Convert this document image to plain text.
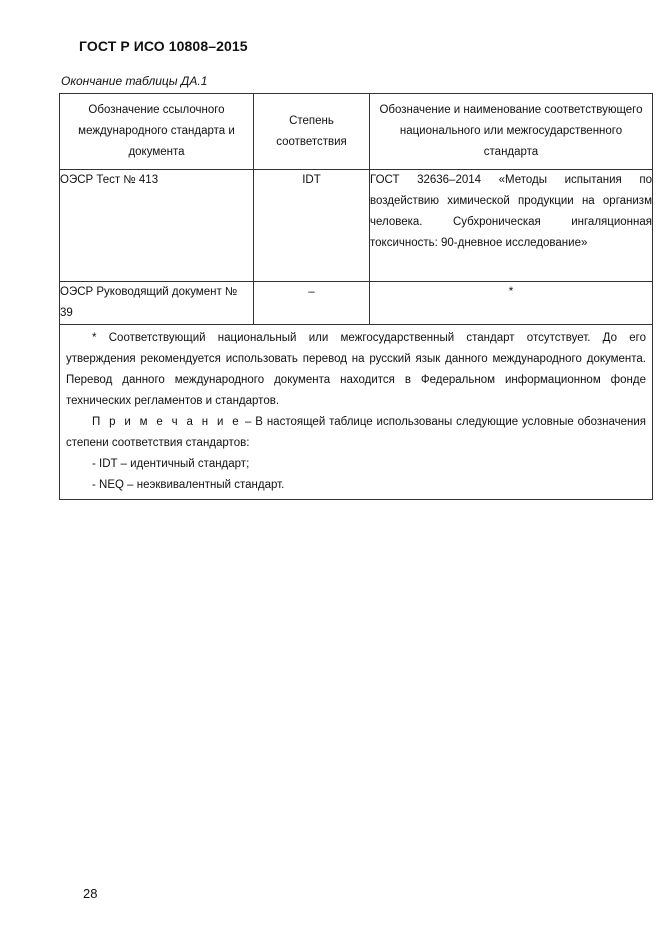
ГОСТ Р ИСО 10808–2015
Окончание таблицы ДА.1
Обозначение ссылочного международного стандарта и документа	Степень соответствия	Обозначение и наименование соответствующего национального или межгосударственного стандарта
ОЭСР Тест № 413	IDT	ГОСТ 32636–2014 «Методы испытания по воздействию химической продукции на организм человека. Субхроническая ингаляционная токсичность: 90-дневное исследование»
ОЭСР Руководящий документ № 39	–	*

* Соответствующий национальный или межгосударственный стандарт отсутствует. До его утверждения рекомендуется использовать перевод на русский язык данного международного документа. Перевод данного международного документа находится в Федеральном информационном фонде технических регламентов и стандартов.

П р и м е ч а н и е – В настоящей таблице использованы следующие условные обозначения степени соответствия стандартов:

- IDT – идентичный стандарт;

- NEQ – неэквивалентный стандарт.		

28
